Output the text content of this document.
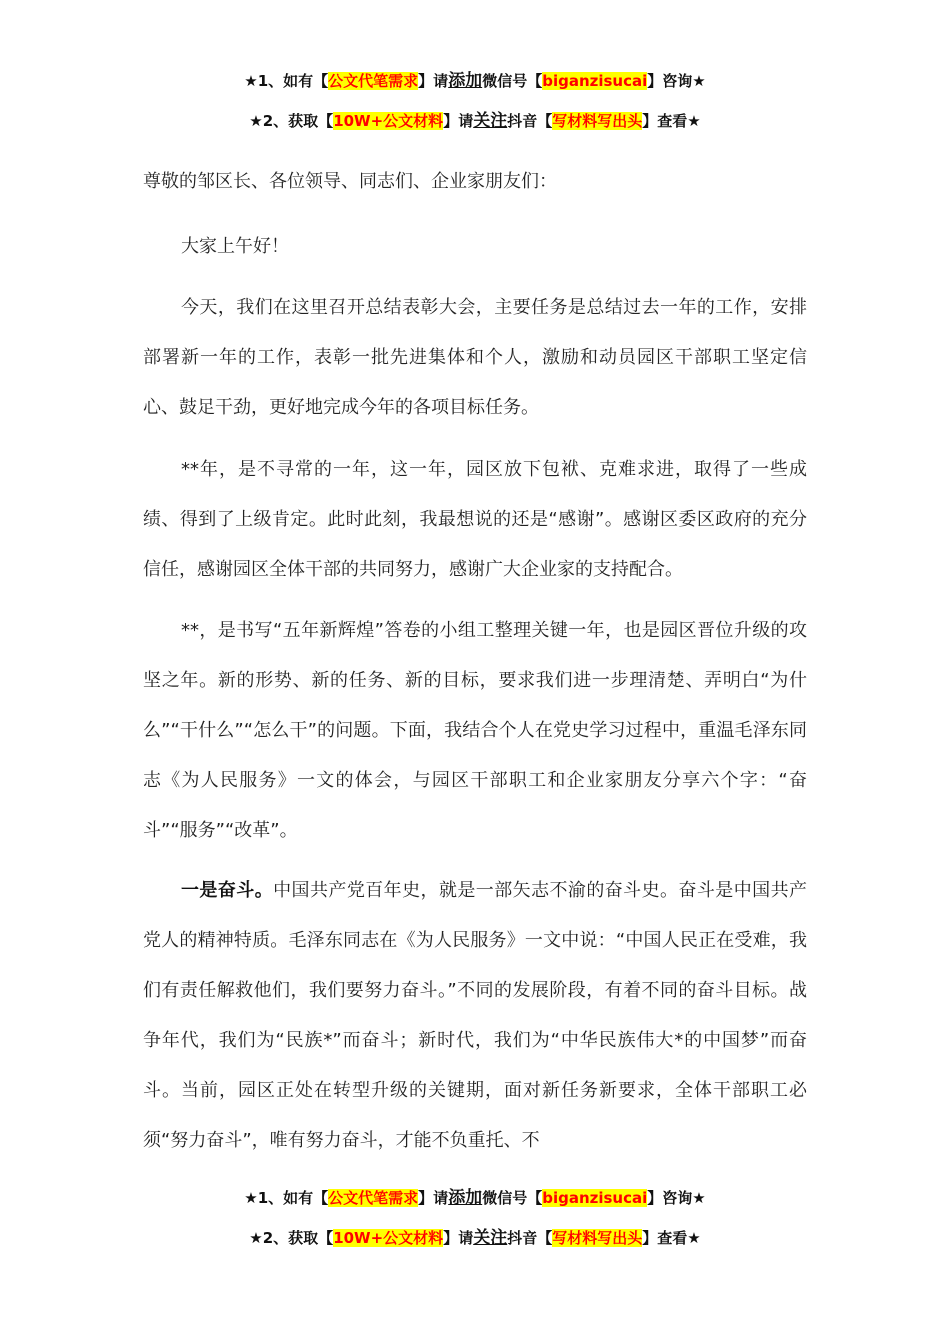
★1、如有【公文代笔需求】请添加微信号【biganzisucai】咨询★
★2、获取【10W+公文材料】请关注抖音【写材料写出头】查看★
尊敬的邹区长、各位领导、同志们、企业家朋友们：

大家上午好！

今天，我们在这里召开总结表彰大会，主要任务是总结过去一年的工作，安排部署新一年的工作，表彰一批先进集体和个人，激励和动员园区干部职工坚定信心、鼓足干劲，更好地完成今年的各项目标任务。

**年，是不寻常的一年，这一年，园区放下包袱、克难求进，取得了一些成绩、得到了上级肯定。此时此刻，我最想说的还是“感谢”。感谢区委区政府的充分信任，感谢园区全体干部的共同努力，感谢广大企业家的支持配合。

**，是书写“五年新辉煌”答卷的小组工整理关键一年，也是园区晋位升级的攻坚之年。新的形势、新的任务、新的目标，要求我们进一步理清楚、弄明白“为什么”“干什么”“怎么干”的问题。下面，我结合个人在党史学习过程中，重温毛泽东同志《为人民服务》一文的体会，与园区干部职工和企业家朋友分享六个字：“奋斗”“服务”“改革”。

一是奋斗。中国共产党百年史，就是一部矢志不渝的奋斗史。奋斗是中国共产党人的精神特质。毛泽东同志在《为人民服务》一文中说：“中国人民正在受难，我们有责任解救他们，我们要努力奋斗。”不同的发展阶段，有着不同的奋斗目标。战争年代，我们为“民族*”而奋斗；新时代，我们为“中华民族伟大*的中国梦”而奋斗。当前，园区正处在转型升级的关键期，面对新任务新要求，全体干部职工必须“努力奋斗”，唯有努力奋斗，才能不负重托、不

★1、如有【公文代笔需求】请添加微信号【biganzisucai】咨询★
★2、获取【10W+公文材料】请关注抖音【写材料写出头】查看★
